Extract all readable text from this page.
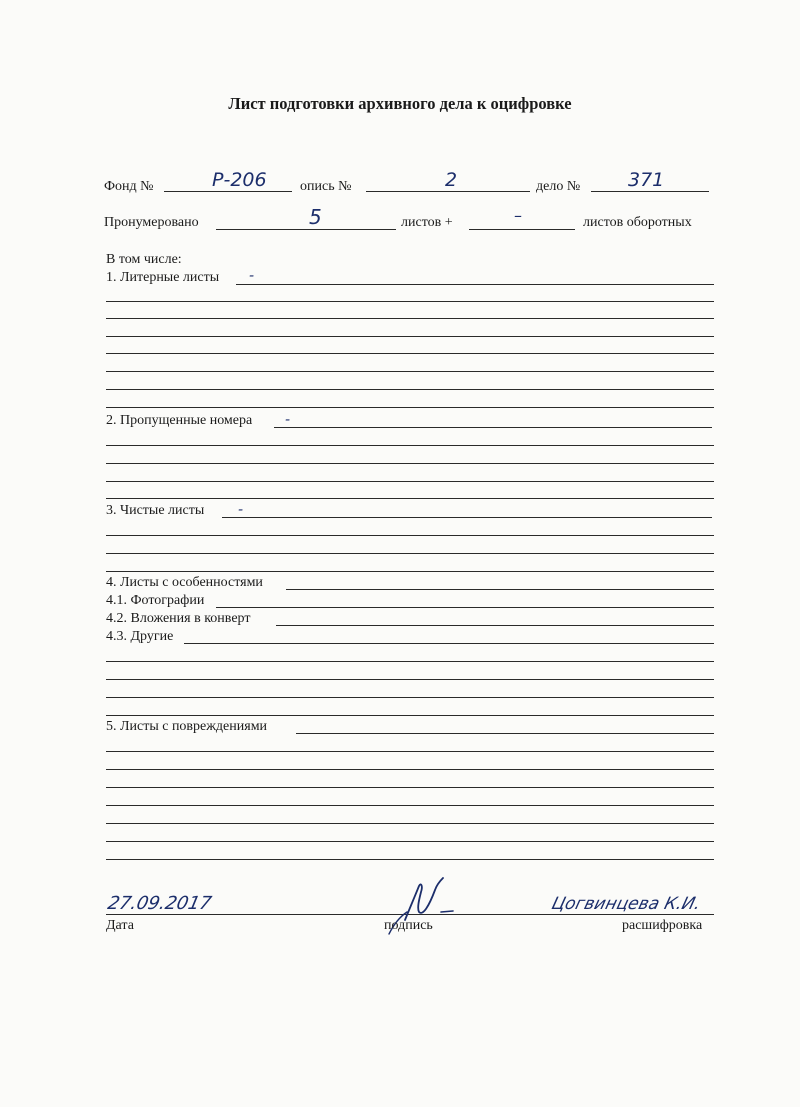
Лист подготовки архивного дела к оцифровке
Фонд №	Р-206 опись №	2	дело №	371
Пронумеровано	5	листов +	–	листов оборотных
В том числе:
1. Литерные листы -
2. Пропущенные номера -
3. Чистые листы -
4. Листы с особенностями
4.1. Фотографии
4.2. Вложения в конверт
4.3. Другие
5. Листы с повреждениями
27.09.2017
Дата	подпись
Цогвинцева К.И.
расшифровка
